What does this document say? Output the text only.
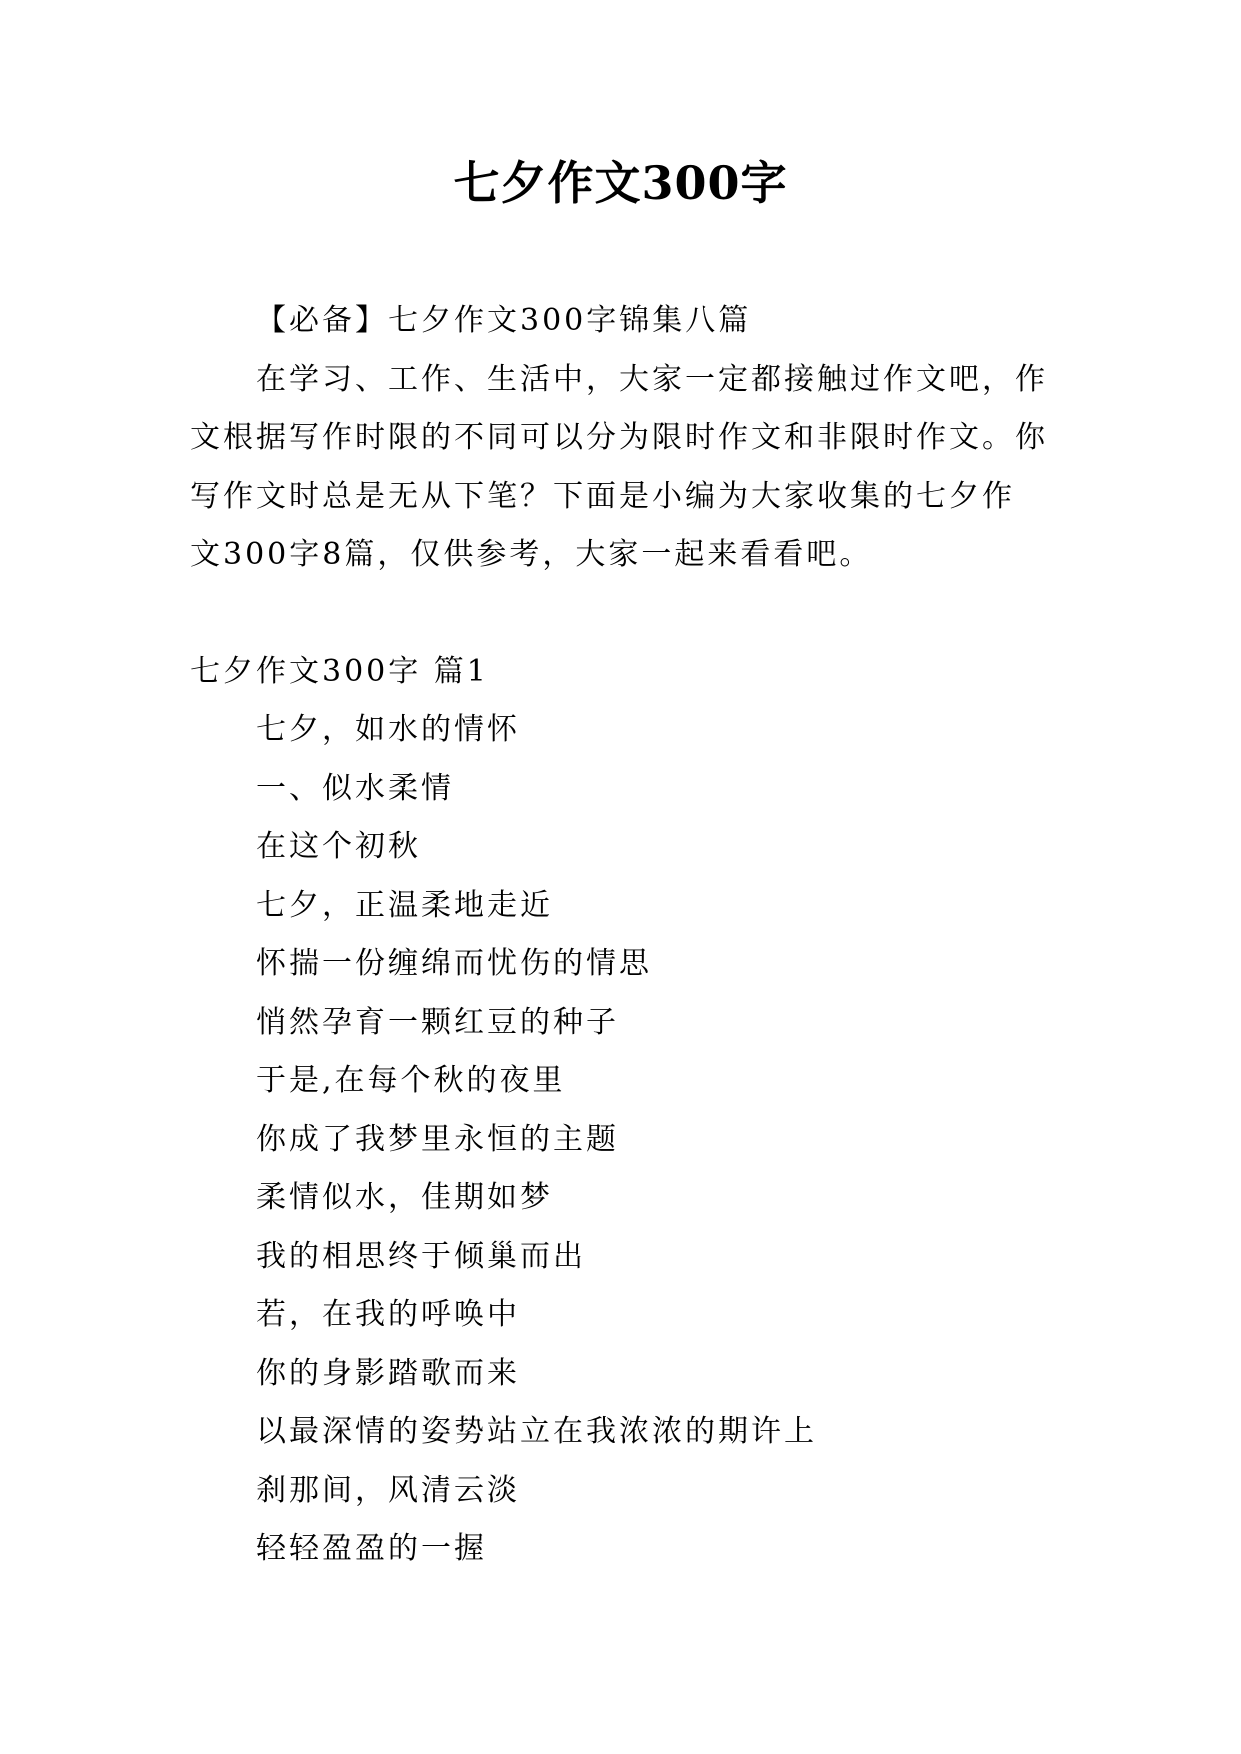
七夕作文300字

【必备】七夕作文300字锦集八篇

在学习、工作、生活中，大家一定都接触过作文吧，作
文根据写作时限的不同可以分为限时作文和非限时作文。你
写作文时总是无从下笔？下面是小编为大家收集的七夕作
文300字8篇，仅供参考，大家一起来看看吧。

七夕作文300字 篇1

七夕，如水的情怀
一、似水柔情
在这个初秋
七夕，正温柔地走近
怀揣一份缠绵而忧伤的情思
悄然孕育一颗红豆的种子
于是,在每个秋的夜里
你成了我梦里永恒的主题
柔情似水，佳期如梦
我的相思终于倾巢而出
若，在我的呼唤中
你的身影踏歌而来
以最深情的姿势站立在我浓浓的期许上
刹那间，风清云淡
轻轻盈盈的一握
